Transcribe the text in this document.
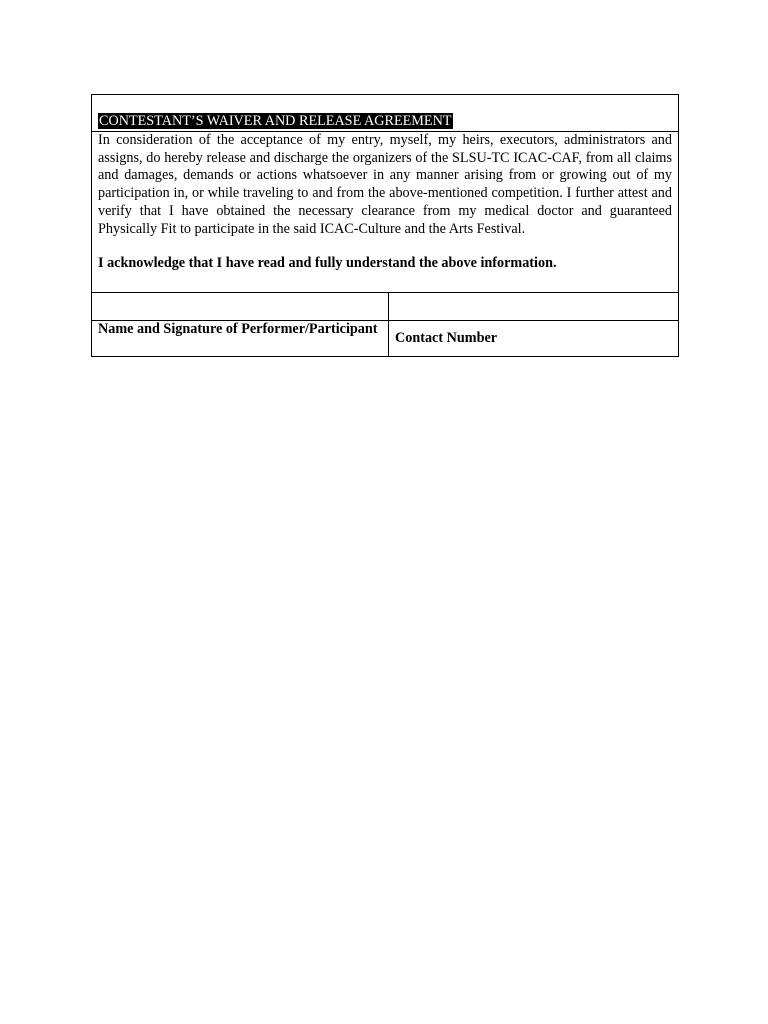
CONTESTANT’S WAIVER AND RELEASE AGREEMENT	

In consideration of the acceptance of my entry, myself, my heirs, executors, administrators and assigns, do hereby release and discharge the organizers of the SLSU-TC ICAC-CAF, from all claims and damages, demands or actions whatsoever in any manner arising from or growing out of my participation in, or while traveling to and from the above-mentioned competition. I further attest and verify that I have obtained the necessary clearance from my medical doctor and guaranteed Physically Fit to participate in the said ICAC-Culture and the Arts Festival.

I acknowledge that I have read and fully understand the above information.	

Name and Signature of Performer/Participant	Contact Number
